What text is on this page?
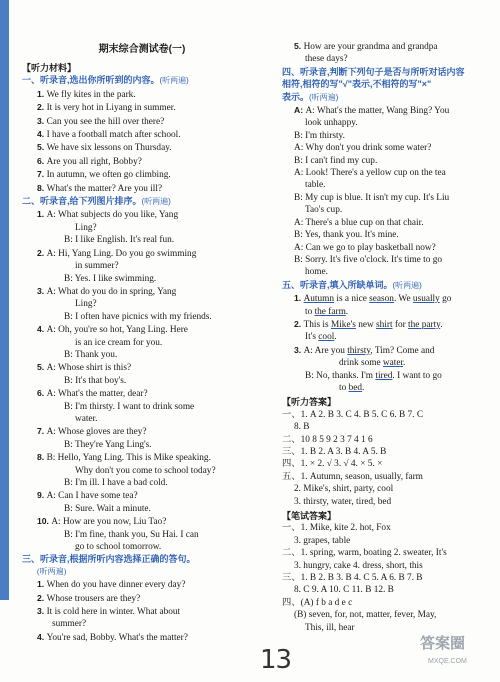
期末综合测试卷(一)
【听力材料】
一、听录音,选出你所听到的内容。(听两遍)
1. We fly kites in the park.
2. It is very hot in Liyang in summer.
3. Can you see the hill over there?
4. I have a football match after school.
5. We have six lessons on Thursday.
6. Are you all right, Bobby?
7. In autumn, we often go climbing.
8. What's the matter? Are you ill?
二、听录音,给下列图片排序。(听两遍)
1. A: What subjects do you like, Yang
Ling?
B: I like English. It's real fun.
2. A: Hi, Yang Ling. Do you go swimming
in summer?
B: Yes. I like swimming.
3. A: What do you do in spring, Yang
Ling?
B: I often have picnics with my friends.
4. A: Oh, you're so hot, Yang Ling. Here
is an ice cream for you.
B: Thank you.
5. A: Whose shirt is this?
B: It's that boy's.
6. A: What's the matter, dear?
B: I'm thirsty. I want to drink some
water.
7. A: Whose gloves are they?
B: They're Yang Ling's.
8. B: Hello, Yang Ling. This is Mike speaking.
Why don't you come to school today?
B: I'm ill. I have a bad cold.
9. A: Can I have some tea?
B: Sure. Wait a minute.
10. A: How are you now, Liu Tao?
B: I'm fine, thank you, Su Hai. I can
go to school tomorrow.
三、听录音,根据所听内容选择正确的答句。
(听两遍)
1. When do you have dinner every day?
2. Whose trousers are they?
3. It is cold here in winter. What about
summer?
4. You're sad, Bobby. What's the matter?
5. How are your grandma and grandpa
these days?
四、听录音,判断下列句子是否与所听对话内容
相符,相符的写"√"表示,不相符的写"×"
表示。(听两遍)
A: A: What's the matter, Wang Bing? You
look unhappy.
B: I'm thirsty.
A: Why don't you drink some water?
B: I can't find my cup.
A: Look! There's a yellow cup on the tea
table.
B: My cup is blue. It isn't my cup. It's Liu
Tao's cup.
A: There's a blue cup on that chair.
B: Yes, thank you. It's mine.
A: Can we go to play basketball now?
B: Sorry. It's five o'clock. It's time to go
home.
五、听录音,填入所缺单词。(听两遍)
1. Autumn is a nice season. We usually go
to the farm.
2. This is Mike's new shirt for the party.
It's cool.
3. A: Are you thirsty, Tim? Come and
drink some water.
B: No, thanks. I'm tired. I want to go
to bed.
【听力答案】
一、1. A 2. B 3. C 4. B 5. C 6. B 7. C
8. B
二、10 8 5 9 2 3 7 4 1 6
三、1. B 2. A 3. B 4. A 5. B
四、1. × 2. √ 3. √ 4. × 5. ×
五、1. Autumn, season, usually, farm
2. Mike's, shirt, party, cool
3. thirsty, water, tired, bed
【笔试答案】
一、1. Mike, kite 2. hot, Fox
3. grapes, table
二、1. spring, warm, boating 2. sweater, It's
3. hungry, cake 4. dress, short, this
三、1. B 2. B 3. B 4. C 5. A 6. B 7. B
8. C 9. A 10. C 11. B 12. B
四、(A) f b a d e c
(B) seven, for, not, matter, fever, May,
This, ill, hear
13
答案圈
MXQE.COM
